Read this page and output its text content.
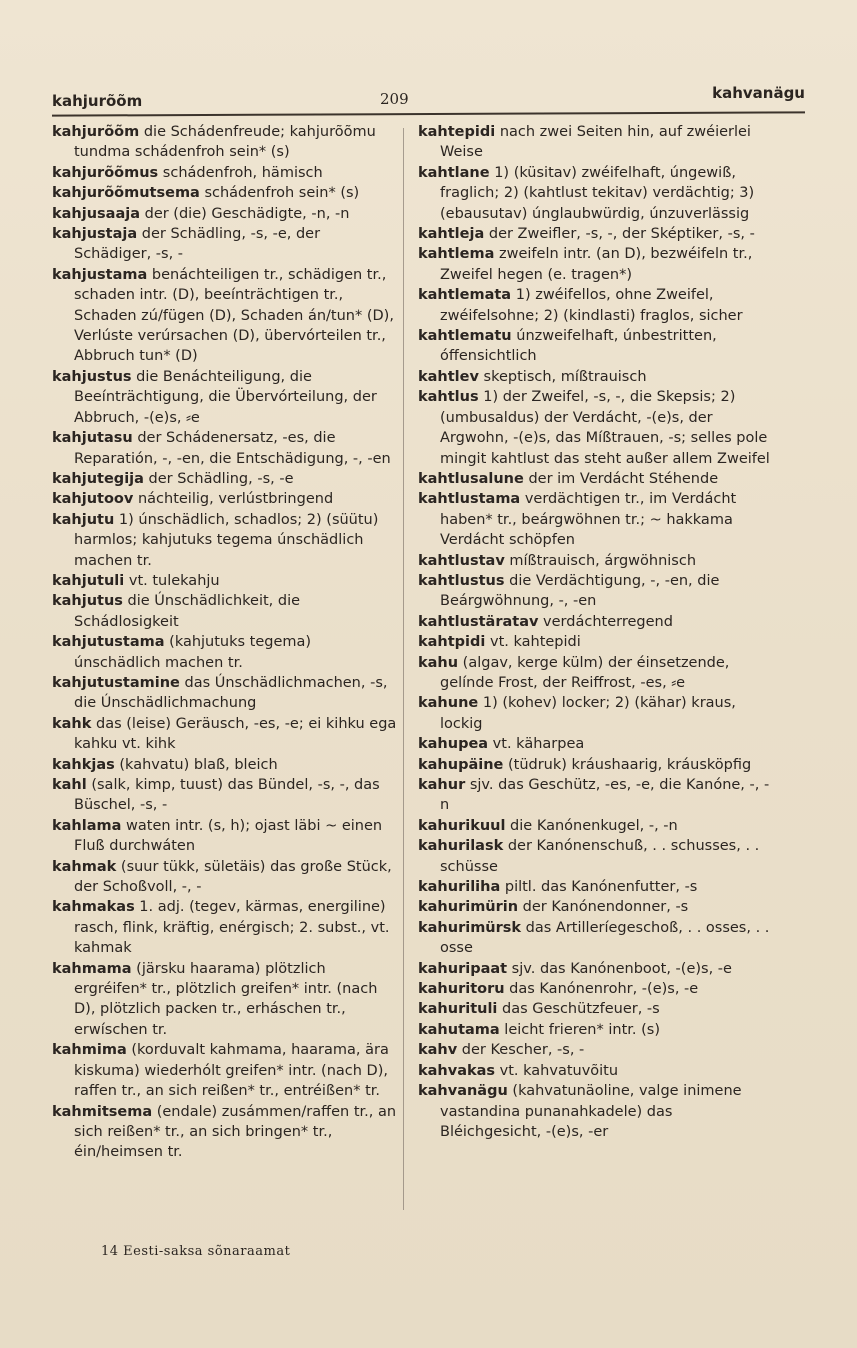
kahjurõõm	209	kahvanägu

kahjurõõm die Schádenfreude; kahjurõõmu tundma schádenfroh sein* (s)

kahjurõõmus schádenfroh, hämisch

kahjurõõmutsema schádenfroh sein* (s)

kahjusaaja der (die) Geschädigte, -n, -n

kahjustaja der Schädling, -s, -e, der Schädiger, -s, -

kahjustama benáchteiligen tr., schädigen tr., schaden intr. (D), beeínträchtigen tr., Schaden zú/fügen (D), Schaden án/tun* (D), Verlúste verúrsachen (D), übervórteilen tr., Abbruch tun* (D)

kahjustus die Benáchteiligung, die Beeínträchtigung, die Übervórteilung, der Abbruch, -(e)s, ⸗e

kahjutasu der Schádenersatz, -es, die Reparatión, -, -en, die Entschädigung, -, -en

kahjutegija der Schädling, -s, -e

kahjutoov náchteilig, verlústbringend

kahjutu 1) únschädlich, schadlos; 2) (süütu) harmlos; kahjutuks tegema únschädlich machen tr.

kahjutuli vt. tulekahju

kahjutus die Únschädlichkeit, die Schádlosigkeit

kahjutustama (kahjutuks tegema) únschädlich machen tr.

kahjutustamine das Únschädlichmachen, -s, die Únschädlichmachung

kahk das (leise) Geräusch, -es, -e; ei kihku ega kahku vt. kihk

kahkjas (kahvatu) blaß, bleich

kahl (salk, kimp, tuust) das Bündel, -s, -, das Büschel, -s, -

kahlama waten intr. (s, h); ojast läbi ~ einen Fluß durchwáten

kahmak (suur tükk, sületäis) das große Stück, der Schoßvoll, -, -

kahmakas 1. adj. (tegev, kärmas, energiline) rasch, flink, kräftig, enérgisch; 2. subst., vt. kahmak

kahmama (järsku haarama) plötzlich ergréifen* tr., plötzlich greifen* intr. (nach D), plötzlich packen tr., erháschen tr., erwíschen tr.

kahmima (korduvalt kahmama, haarama, ära kiskuma) wiederhólt greifen* intr. (nach D), raffen tr., an sich reißen* tr., entréißen* tr.

kahmitsema (endale) zusámmen/raffen tr., an sich reißen* tr., an sich bringen* tr., éin/heimsen tr.

kahtepidi nach zwei Seiten hin, auf zwéierlei Weise

kahtlane 1) (küsitav) zwéifelhaft, úngewiß, fraglich; 2) (kahtlust tekitav) verdächtig; 3) (ebausutav) únglaubwürdig, únzuverlässig

kahtleja der Zweifler, -s, -, der Sképtiker, -s, -

kahtlema zweifeln intr. (an D), bezwéifeln tr., Zweifel hegen (e. tragen*)

kahtlemata 1) zwéifellos, ohne Zweifel, zwéifelsohne; 2) (kindlasti) fraglos, sicher

kahtlematu únzweifelhaft, únbestritten, óffensichtlich

kahtlev skeptisch, míßtrauisch

kahtlus 1) der Zweifel, -s, -, die Skepsis; 2) (umbusaldus) der Verdácht, -(e)s, der Argwohn, -(e)s, das Míßtrauen, -s; selles pole mingit kahtlust das steht außer allem Zweifel

kahtlusalune der im Verdácht Stéhende

kahtlustama verdächtigen tr., im Verdácht haben* tr., beárgwöhnen tr.; ~ hakkama Verdácht schöpfen

kahtlustav míßtrauisch, árgwöhnisch

kahtlustus die Verdächtigung, -, -en, die Beárgwöhnung, -, -en

kahtlustäratav verdáchterregend

kahtpidi vt. kahtepidi

kahu (algav, kerge külm) der éinsetzende, gelínde Frost, der Reiffrost, -es, ⸗e

kahune 1) (kohev) locker; 2) (kähar) kraus, lockig

kahupea vt. käharpea

kahupäine (tüdruk) kráushaarig, kráusköpfig

kahur sjv. das Geschütz, -es, -e, die Kanóne, -, -n

kahurikuul die Kanónenkugel, -, -n

kahurilask der Kanónenschuß, . . schusses, . . schüsse

kahuriliha piltl. das Kanónenfutter, -s

kahurimürin der Kanónendonner, -s

kahurimürsk das Artilleríegeschoß, . . osses, . . osse

kahuripaat sjv. das Kanónenboot, -(e)s, -e

kahuritoru das Kanónenrohr, -(e)s, -e

kahurituli das Geschützfeuer, -s

kahutama leicht frieren* intr. (s)

kahv der Kescher, -s, -

kahvakas vt. kahvatuvõitu

kahvanägu (kahvatunäoline, valge inimene vastandina punanahkadele) das Bléichgesicht, -(e)s, -er

14 Eesti-saksa sõnaraamat
